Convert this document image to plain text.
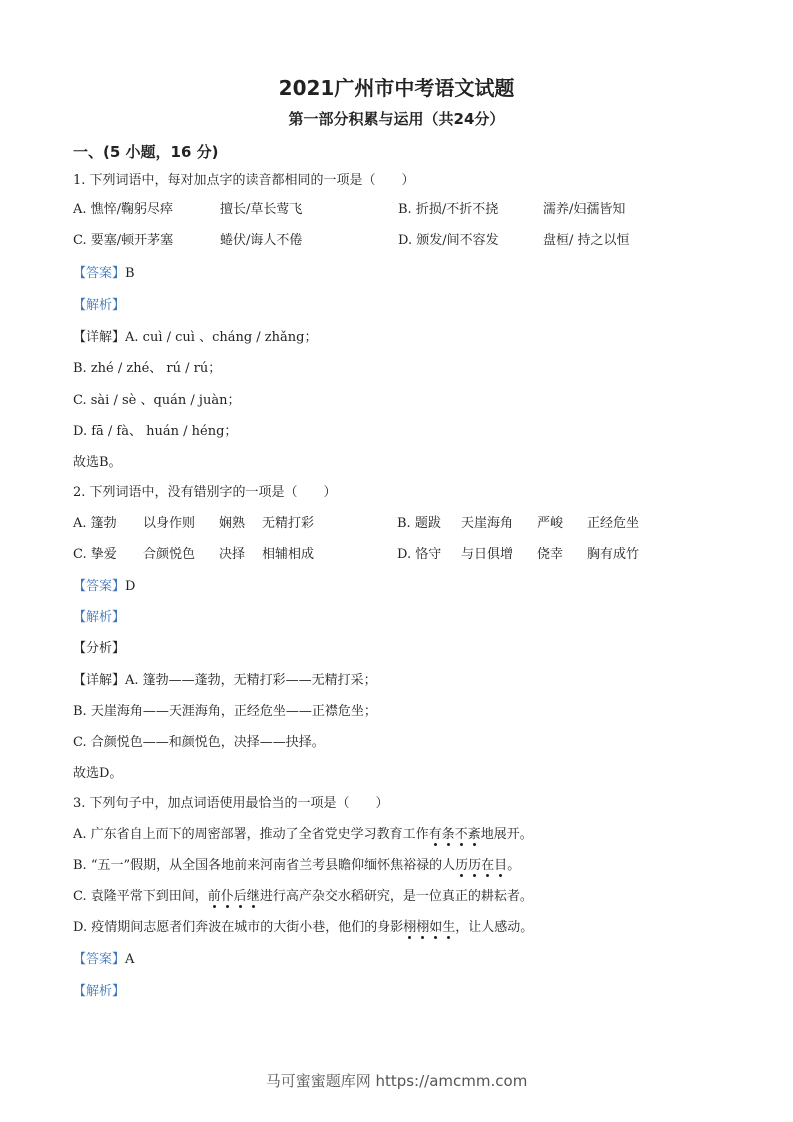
2021广州市中考语文试题
第一部分积累与运用（共24分）
一、(5 小题，16 分)
1. 下列词语中，每对加点字的读音都相同的一项是（　　）
A. 憔悴/鞠躬尽瘁	擅长/草长莺飞	B. 折损/不折不挠	濡养/妇孺皆知
C. 要塞/顿开茅塞	蜷伏/诲人不倦	D. 颁发/间不容发	盘桓/ 持之以恒
【答案】B
【解析】
【详解】A. cuì / cuì 、cháng / zhǎng；
B. zhé / zhé、 rú / rú；
C. sài / sè 、quán / juàn；
D. fā / fà、 huán / héng；
故选B。
2. 下列词语中，没有错别字的一项是（　　）
A. 篷勃 以身作则 娴熟 无精打彩	B. 题跋 天崖海角 严峻 正经危坐
C. 挚爱 合颜悦色 决择 相辅相成	D. 恪守 与日俱增 侥幸 胸有成竹
【答案】D
【解析】
【分析】
【详解】A. 篷勃——蓬勃，无精打彩——无精打采；
B. 天崖海角——天涯海角，正经危坐——正襟危坐；
C. 合颜悦色——和颜悦色，决择——抉择。
故选D。
3. 下列句子中，加点词语使用最恰当的一项是（　　）
A. 广东省自上而下的周密部署，推动了全省党史学习教育工作有条不紊地展开。
B. “五一”假期，从全国各地前来河南省兰考县瞻仰缅怀焦裕禄的人历历在目。
C. 袁隆平常下到田间，前仆后继进行高产杂交水稻研究，是一位真正的耕耘者。
D. 疫情期间志愿者们奔波在城市的大街小巷，他们的身影栩栩如生，让人感动。
【答案】A
【解析】
马可蜜蜜题库网 https://amcmm.com
